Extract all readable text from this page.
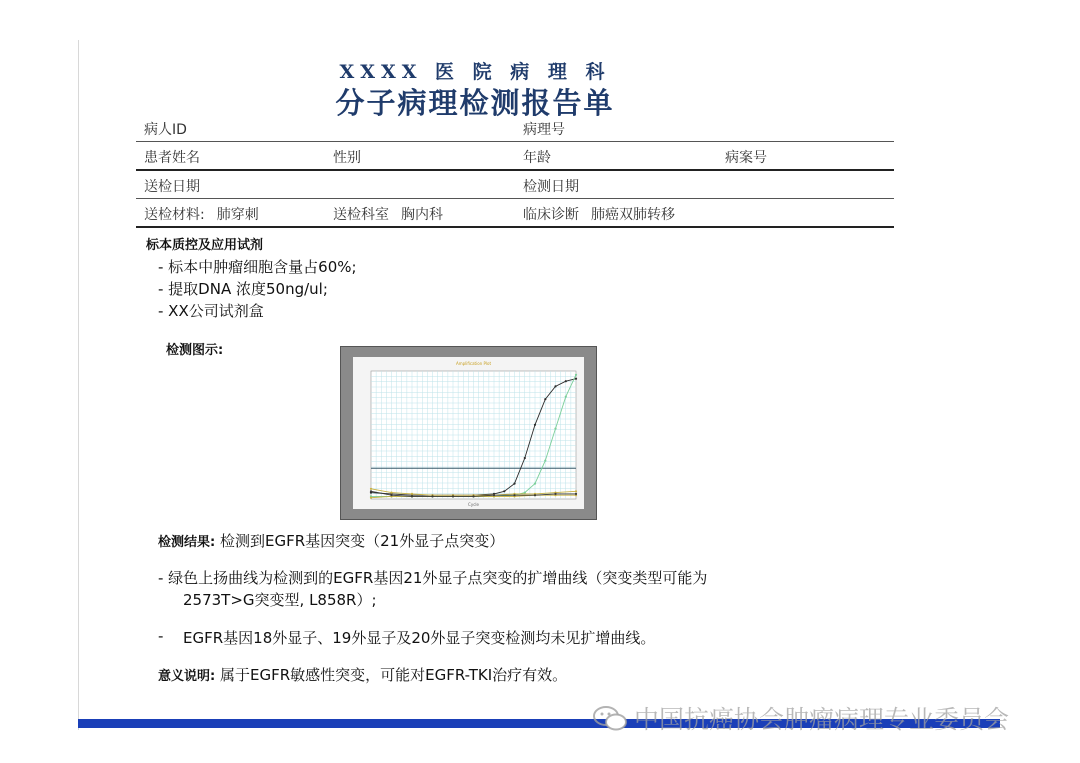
XXXX 医 院 病 理 科
分子病理检测报告单
病人ID	病理号
患者姓名	性别	年龄	病案号
送检日期	检测日期
送检材料: 肺穿刺	送检科室 胸内科	临床诊断 肺癌双肺转移
标本质控及应用试剂
- 标本中肿瘤细胞含量占60%;
- 提取DNA 浓度50ng/ul;
- XX公司试剂盒
检测图示:
Amplification Plot
Cycle
检测结果: 检测到EGFR基因突变（21外显子点突变）
- 绿色上扬曲线为检测到的EGFR基因21外显子点突变的扩增曲线（突变类型可能为
2573T>G突变型, L858R）;
- EGFR基因18外显子、19外显子及20外显子突变检测均未见扩增曲线。
意义说明: 属于EGFR敏感性突变，可能对EGFR-TKI治疗有效。
中国抗癌协会肿瘤病理专业委员会
